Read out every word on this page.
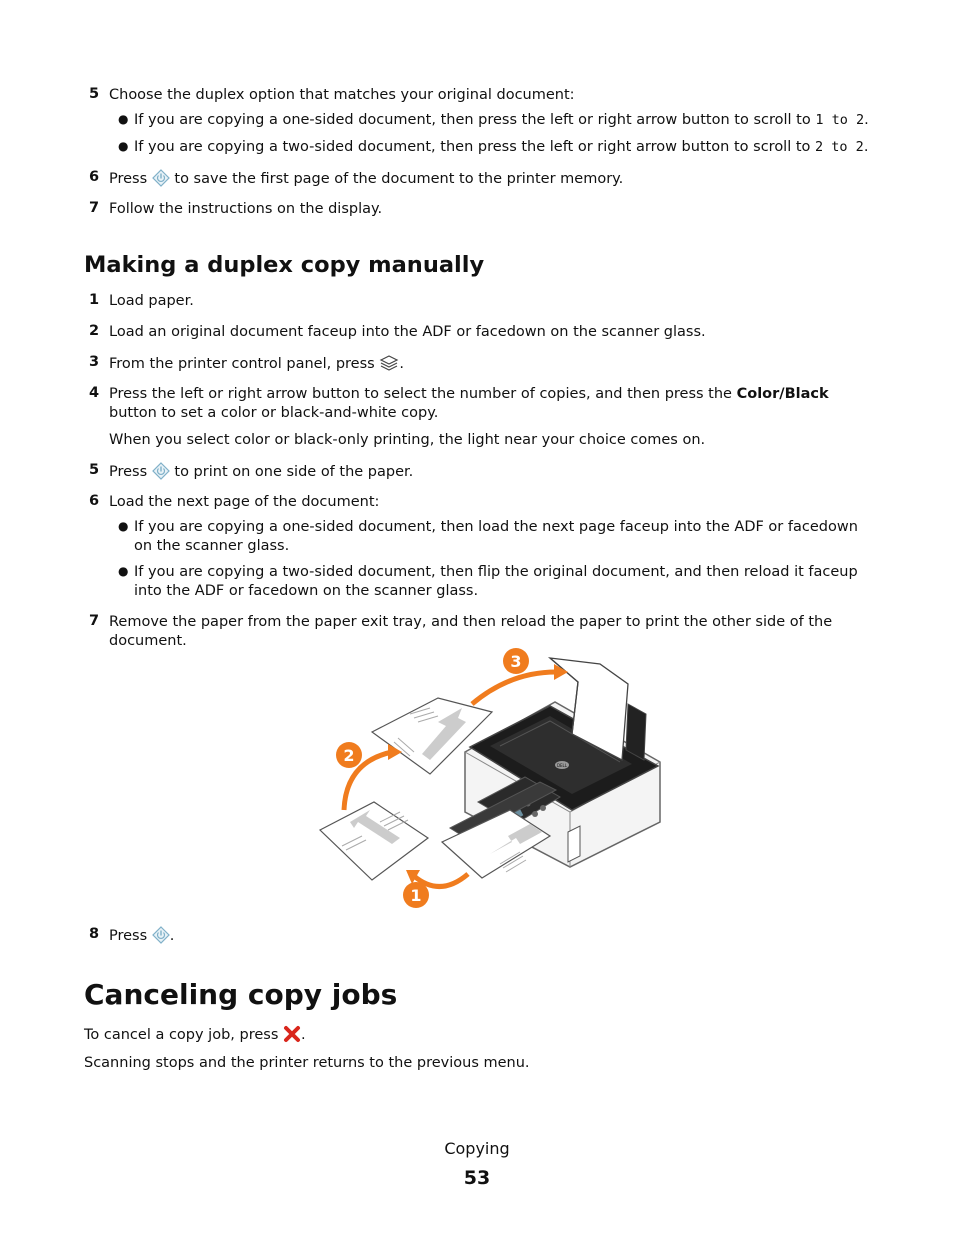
5 Choose the duplex option that matches your original document:
● If you are copying a one-sided document, then press the left or right arrow button to scroll to 1 to 2.
● If you are copying a two-sided document, then press the left or right arrow button to scroll to 2 to 2.
6 Press  to save the first page of the document to the printer memory.
7 Follow the instructions on the display.
Making a duplex copy manually
1 Load paper.
2 Load an original document faceup into the ADF or facedown on the scanner glass.
3 From the printer control panel, press .
4 Press the left or right arrow button to select the number of copies, and then press the Color/Black button to set a color or black-and-white copy.
When you select color or black-only printing, the light near your choice comes on.
5 Press  to print on one side of the paper.
6 Load the next page of the document:
● If you are copying a one-sided document, then load the next page faceup into the ADF or facedown on the scanner glass.
● If you are copying a two-sided document, then flip the original document, and then reload it faceup into the ADF or facedown on the scanner glass.
7 Remove the paper from the paper exit tray, and then reload the paper to print the other side of the document.
DELL
1
2
3
8 Press .
Canceling copy jobs
To cancel a copy job, press .
Scanning stops and the printer returns to the previous menu.
Copying
53
